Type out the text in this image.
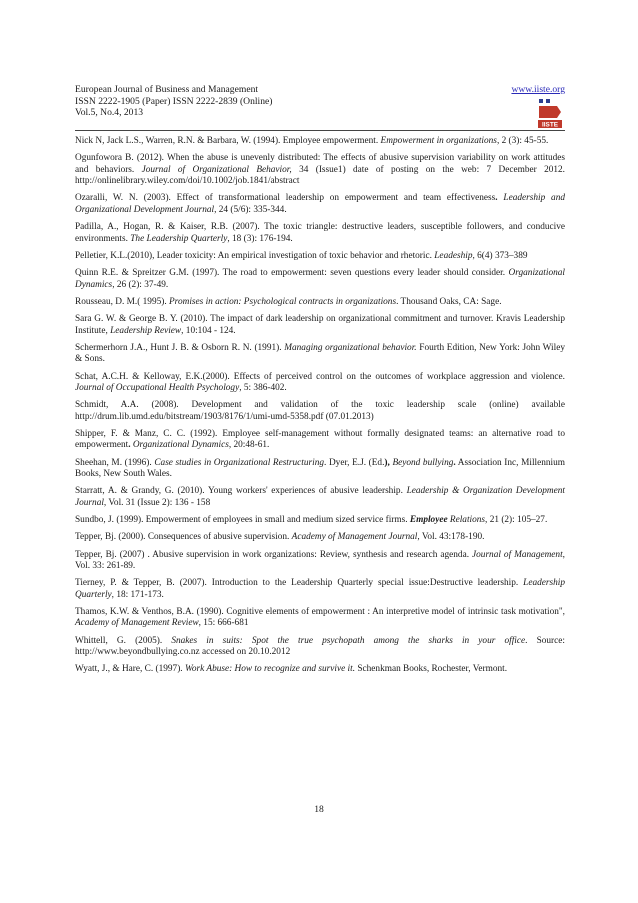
European Journal of Business and Management
ISSN 2222-1905 (Paper) ISSN 2222-2839 (Online)
Vol.5, No.4, 2013
www.iiste.org
IISTE

Nick N, Jack L.S., Warren, R.N. & Barbara, W. (1994). Employee empowerment. Empowerment in organizations, 2 (3): 45-55.

Ogunfowora B. (2012). When the abuse is unevenly distributed: The effects of abusive supervision variability on work attitudes and behaviors. Journal of Organizational Behavior, 34 (Issue1) date of posting on the web: 7 December 2012. http://onlinelibrary.wiley.com/doi/10.1002/job.1841/abstract

Ozaralli, W. N. (2003). Effect of transformational leadership on empowerment and team effectiveness. Leadership and Organizational Development Journal, 24 (5/6): 335-344.

Padilla, A., Hogan, R. & Kaiser, R.B. (2007). The toxic triangle: destructive leaders, susceptible followers, and conducive environments. The Leadership Quarterly, 18 (3): 176-194.

Pelletier, K.L.(2010), Leader toxicity: An empirical investigation of toxic behavior and rhetoric. Leadeship, 6(4) 373–389

Quinn R.E. & Spreitzer G.M. (1997). The road to empowerment: seven questions every leader should consider. Organizational Dynamics, 26 (2): 37-49.

Rousseau, D. M.( 1995). Promises in action: Psychological contracts in organizations. Thousand Oaks, CA: Sage.

Sara G. W. & George B. Y. (2010). The impact of dark leadership on organizational commitment and turnover. Kravis Leadership Institute, Leadership Review, 10:104 - 124.

Schermerhorn J.A., Hunt J. B. & Osborn R. N. (1991). Managing organizational behavior. Fourth Edition, New York: John Wiley & Sons.

Schat, A.C.H. & Kelloway, E.K.(2000). Effects of perceived control on the outcomes of workplace aggression and violence. Journal of Occupational Health Psychology, 5: 386-402.

Schmidt, A.A. (2008). Development and validation of the toxic leadership scale (online) available http://drum.lib.umd.edu/bitstream/1903/8176/1/umi-umd-5358.pdf (07.01.2013)

Shipper, F. & Manz, C. C. (1992). Employee self-management without formally designated teams: an alternative road to empowerment. Organizational Dynamics, 20:48-61.

Sheehan, M. (1996). Case studies in Organizational Restructuring. Dyer, E.J. (Ed.), Beyond bullying. Association Inc, Millennium Books, New South Wales.

Starratt, A. & Grandy, G. (2010). Young workers' experiences of abusive leadership. Leadership & Organization Development Journal, Vol. 31 (Issue 2): 136 - 158

Sundbo, J. (1999). Empowerment of employees in small and medium sized service firms. Employee Relations, 21 (2): 105–27.

Tepper, Bj. (2000). Consequences of abusive supervision. Academy of Management Journal, Vol. 43:178-190.

Tepper, Bj. (2007) . Abusive supervision in work organizations: Review, synthesis and research agenda. Journal of Management, Vol. 33: 261-89.

Tierney, P. & Tepper, B. (2007). Introduction to the Leadership Quarterly special issue:Destructive leadership. Leadership Quarterly, 18: 171-173.

Thamos, K.W. & Venthos, B.A. (1990). Cognitive elements of empowerment : An interpretive model of intrinsic task motivation", Academy of Management Review, 15: 666-681

Whittell, G. (2005). Snakes in suits: Spot the true psychopath among the sharks in your office. Source: http://www.beyondbullying.co.nz accessed on 20.10.2012

Wyatt, J., & Hare, C. (1997). Work Abuse: How to recognize and survive it. Schenkman Books, Rochester, Vermont.

18
